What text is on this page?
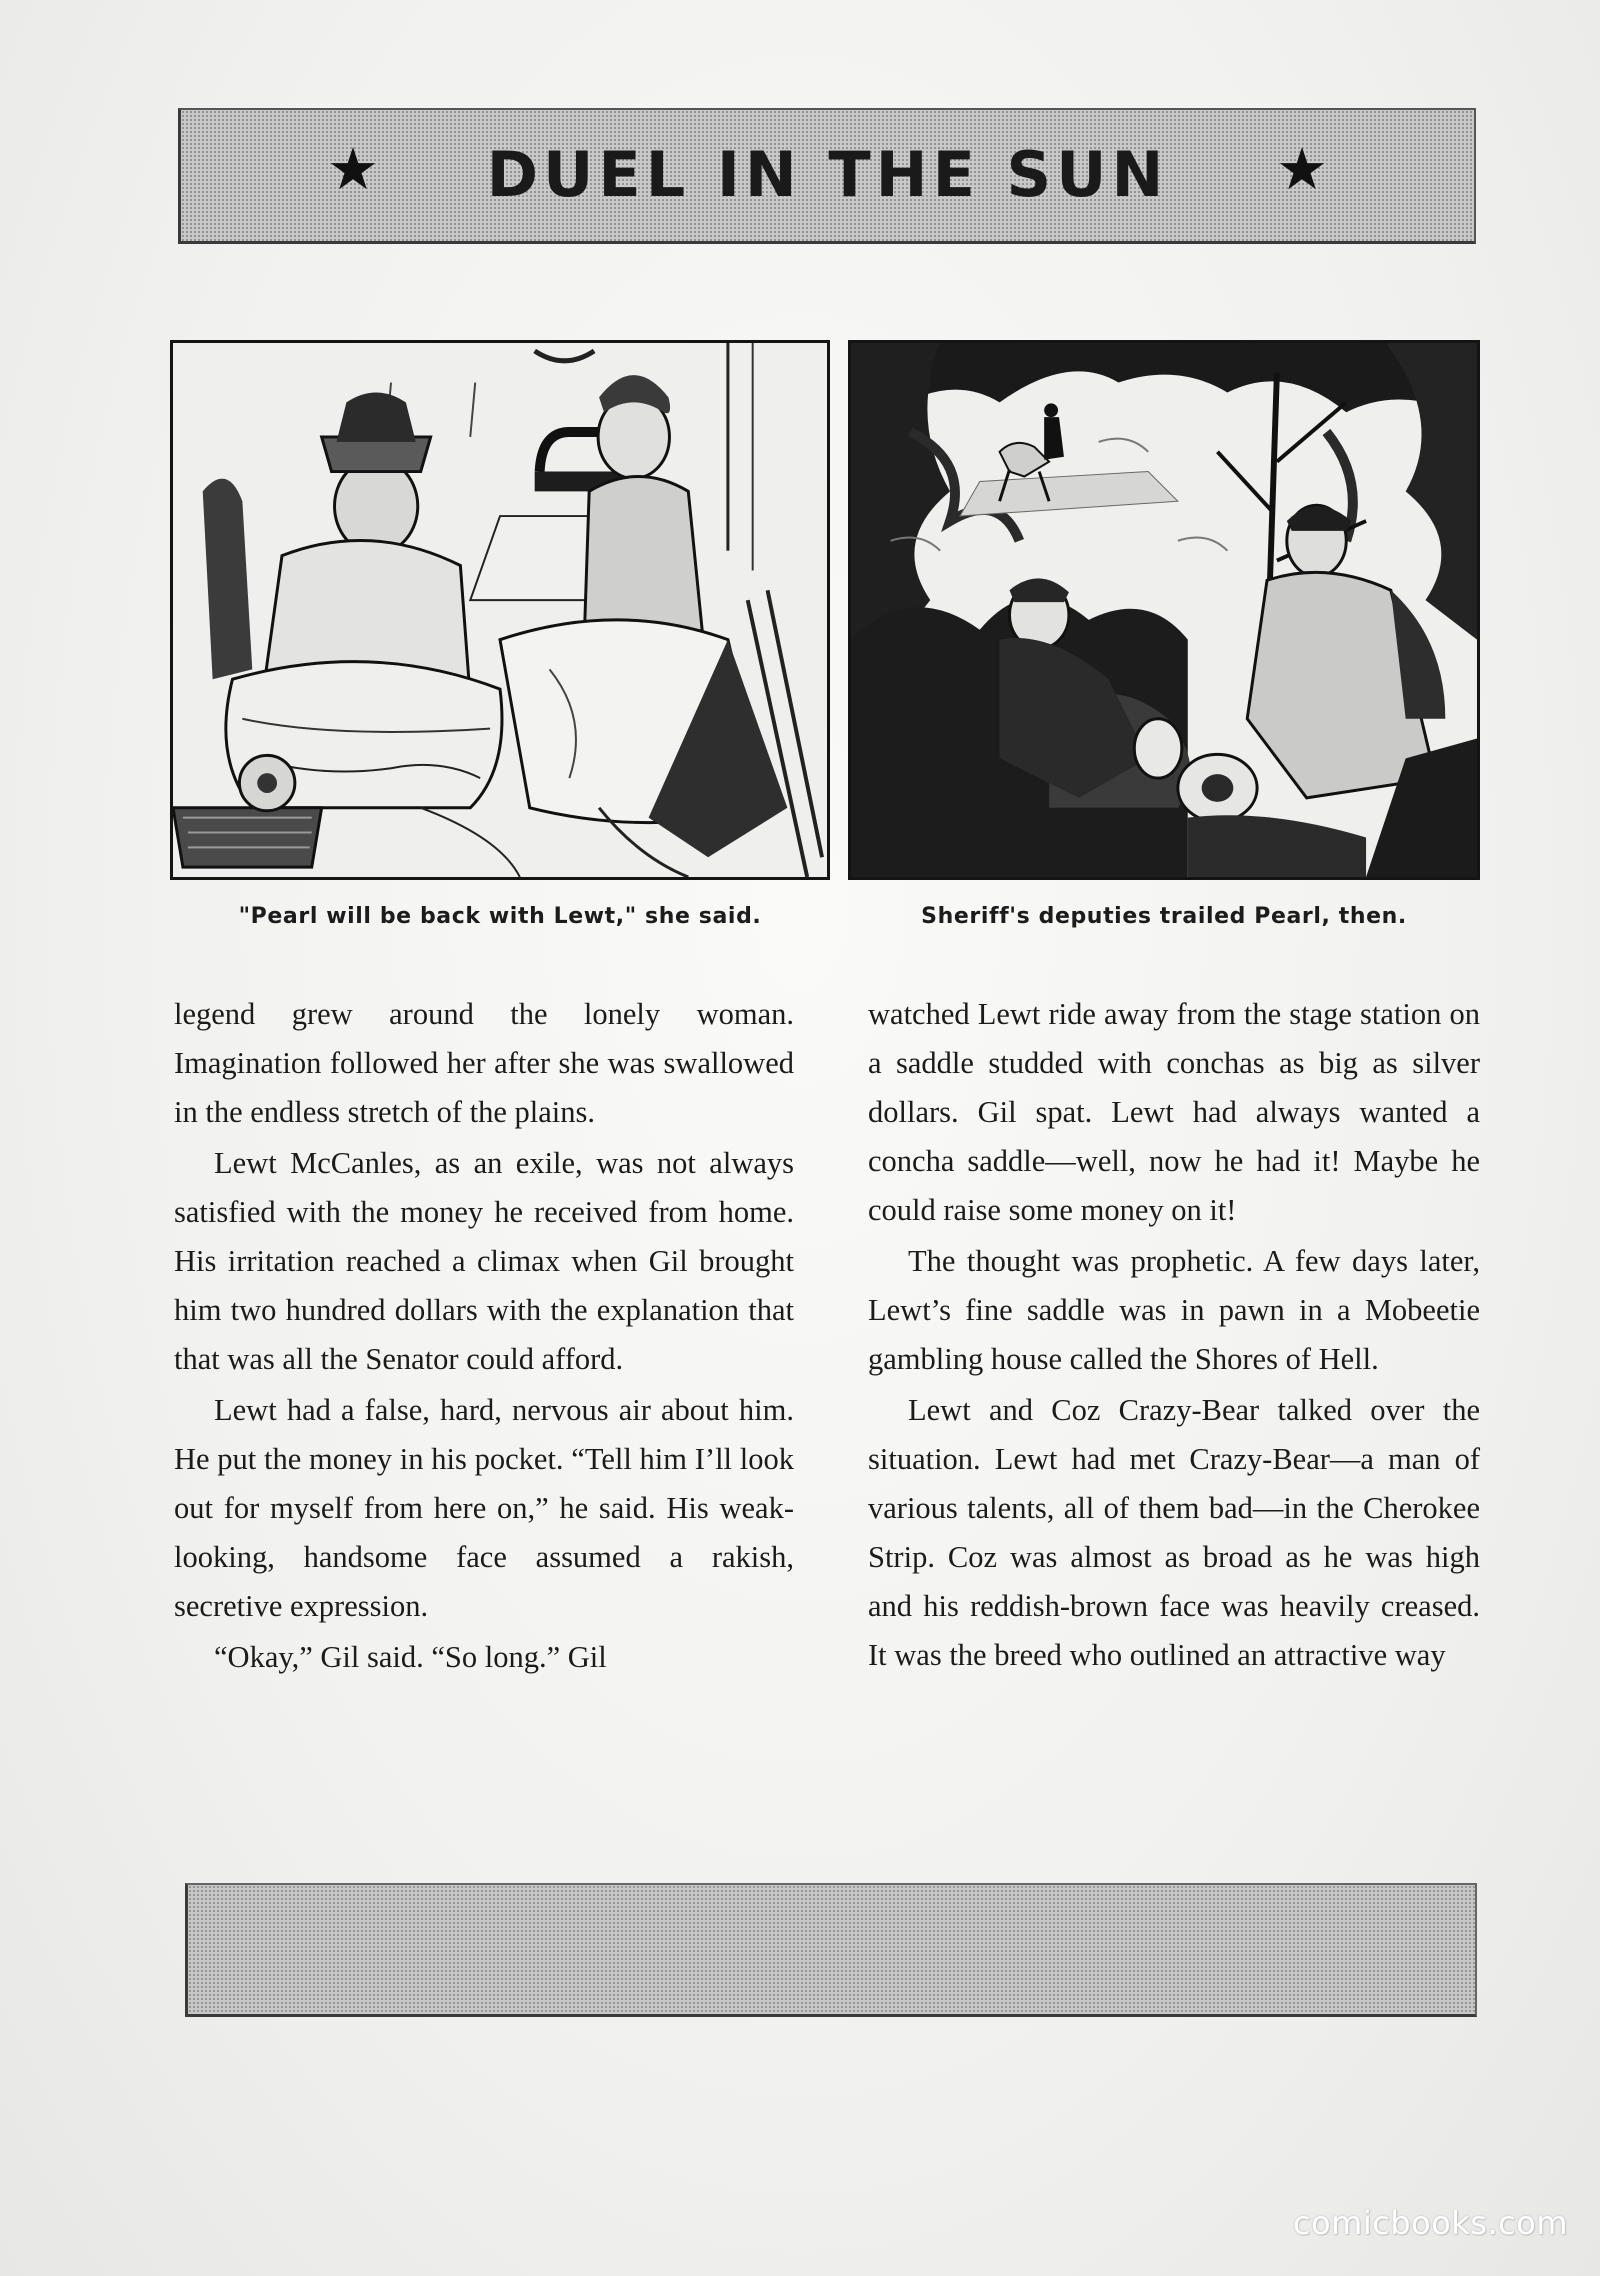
★	DUEL IN THE SUN	★
"Pearl will be back with Lewt," she said.	Sheriff's deputies trailed Pearl, then.

legend grew around the lonely woman. Imagination followed her after she was swallowed in the endless stretch of the plains.

Lewt McCanles, as an exile, was not always satisfied with the money he received from home. His irritation reached a climax when Gil brought him two hundred dollars with the explanation that that was all the Senator could afford.

Lewt had a false, hard, nervous air about him. He put the money in his pocket. “Tell him I’ll look out for myself from here on,” he said. His weak-looking, handsome face assumed a rakish, secretive expression.

“Okay,” Gil said. “So long.” Gil

watched Lewt ride away from the stage station on a saddle studded with conchas as big as silver dollars. Gil spat. Lewt had always wanted a concha saddle—well, now he had it! Maybe he could raise some money on it!

The thought was prophetic. A few days later, Lewt’s fine saddle was in pawn in a Mobeetie gambling house called the Shores of Hell.

Lewt and Coz Crazy-Bear talked over the situation. Lewt had met Crazy-Bear—a man of various talents, all of them bad—in the Cherokee Strip. Coz was almost as broad as he was high and his reddish-brown face was heavily creased. It was the breed who outlined an attractive way

comicbooks.com
